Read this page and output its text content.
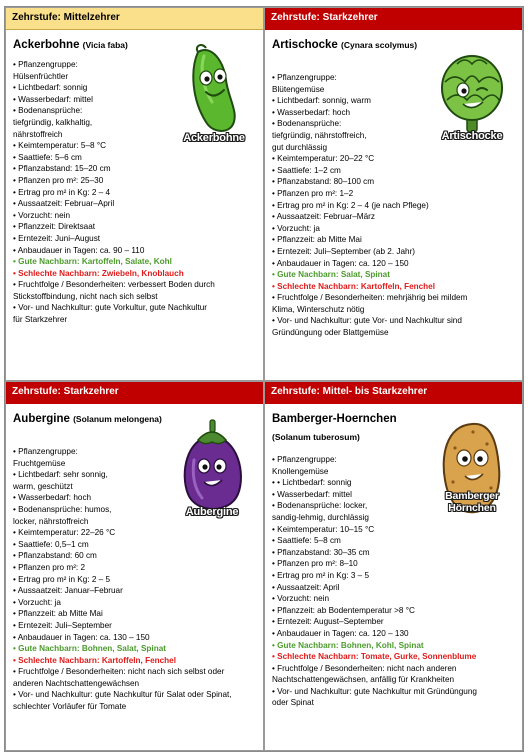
Zehrstufe: Mittelzehrer
Ackerbohne (Vicia faba)
Ackerbohne
• Pflanzengruppe:
Hülsenfrüchtler
• Lichtbedarf: sonnig
• Wasserbedarf: mittel
• Bodenansprüche:
tiefgründig, kalkhaltig,
nährstoffreich
• Keimtemperatur: 5–8 °C
• Saattiefe: 5–6 cm
• Pflanzabstand: 15–20 cm
• Pflanzen pro m²: 25–30
• Ertrag pro m² in Kg: 2 – 4
• Aussaatzeit: Februar–April
• Vorzucht: nein
• Pflanzzeit: Direktsaat
• Erntezeit: Juni–August
• Anbaudauer in Tagen: ca. 90 – 110
• Gute Nachbarn: Kartoffeln, Salate, Kohl
• Schlechte Nachbarn: Zwiebeln, Knoblauch
• Fruchtfolge / Besonderheiten: verbessert Boden durch
Stickstoffbindung, nicht nach sich selbst
• Vor- und Nachkultur: gute Vorkultur, gute Nachkultur
für Starkzehrer
Zehrstufe: Starkzehrer
Artischocke (Cynara scolymus)
Artischocke
• Pflanzengruppe:
Blütengemüse
• Lichtbedarf: sonnig, warm
• Wasserbedarf: hoch
• Bodenansprüche:
tiefgründig, nährstoffreich,
gut durchlässig
• Keimtemperatur: 20–22 °C
• Saattiefe: 1–2 cm
• Pflanzabstand: 80–100 cm
• Pflanzen pro m²: 1–2
• Ertrag pro m² in Kg: 2 – 4 (je nach Pflege)
• Aussaatzeit: Februar–März
• Vorzucht: ja
• Pflanzzeit: ab Mitte Mai
• Erntezeit: Juli–September (ab 2. Jahr)
• Anbaudauer in Tagen: ca. 120 – 150
• Gute Nachbarn: Salat, Spinat
• Schlechte Nachbarn: Kartoffeln, Fenchel
• Fruchtfolge / Besonderheiten: mehrjährig bei mildem
Klima, Winterschutz nötig
• Vor- und Nachkultur: gute Vor- und Nachkultur sind
Gründüngung oder Blattgemüse
Zehrstufe: Starkzehrer
Aubergine (Solanum melongena)
Aubergine
• Pflanzengruppe:
Fruchtgemüse
• Lichtbedarf: sehr sonnig,
warm, geschützt
• Wasserbedarf: hoch
• Bodenansprüche: humos,
locker, nährstoffreich
• Keimtemperatur: 22–26 °C
• Saattiefe: 0,5–1 cm
• Pflanzabstand: 60 cm
• Pflanzen pro m²: 2
• Ertrag pro m² in Kg: 2 – 5
• Aussaatzeit: Januar–Februar
• Vorzucht: ja
• Pflanzzeit: ab Mitte Mai
• Erntezeit: Juli–September
• Anbaudauer in Tagen: ca. 130 – 150
• Gute Nachbarn: Bohnen, Salat, Spinat
• Schlechte Nachbarn: Kartoffeln, Fenchel
• Fruchtfolge / Besonderheiten: nicht nach sich selbst oder
anderen Nachtschattengewächsen
• Vor- und Nachkultur: gute Nachkultur für Salat oder Spinat,
schlechter Vorläufer für Tomate
Zehrstufe: Mittel- bis Starkzehrer
Bamberger-Hoernchen
(Solanum tuberosum)
Bamberger Hörnchen
• Pflanzengruppe:
Knollengemüse
• • Lichtbedarf: sonnig
• Wasserbedarf: mittel
• Bodenansprüche: locker,
sandig-lehmig, durchlässig
• Keimtemperatur: 10–15 °C
• Saattiefe: 5–8 cm
• Pflanzabstand: 30–35 cm
• Pflanzen pro m²: 8–10
• Ertrag pro m² in Kg: 3 – 5
• Aussaatzeit: April
• Vorzucht: nein
• Pflanzzeit: ab Bodentemperatur >8 °C
• Erntezeit: August–September
• Anbaudauer in Tagen: ca. 120 – 130
• Gute Nachbarn: Bohnen, Kohl, Spinat
• Schlechte Nachbarn: Tomate, Gurke, Sonnenblume
• Fruchtfolge / Besonderheiten: nicht nach anderen
Nachtschattengewächsen, anfällig für Krankheiten
• Vor- und Nachkultur: gute Nachkultur mit Gründüngung
oder Spinat
